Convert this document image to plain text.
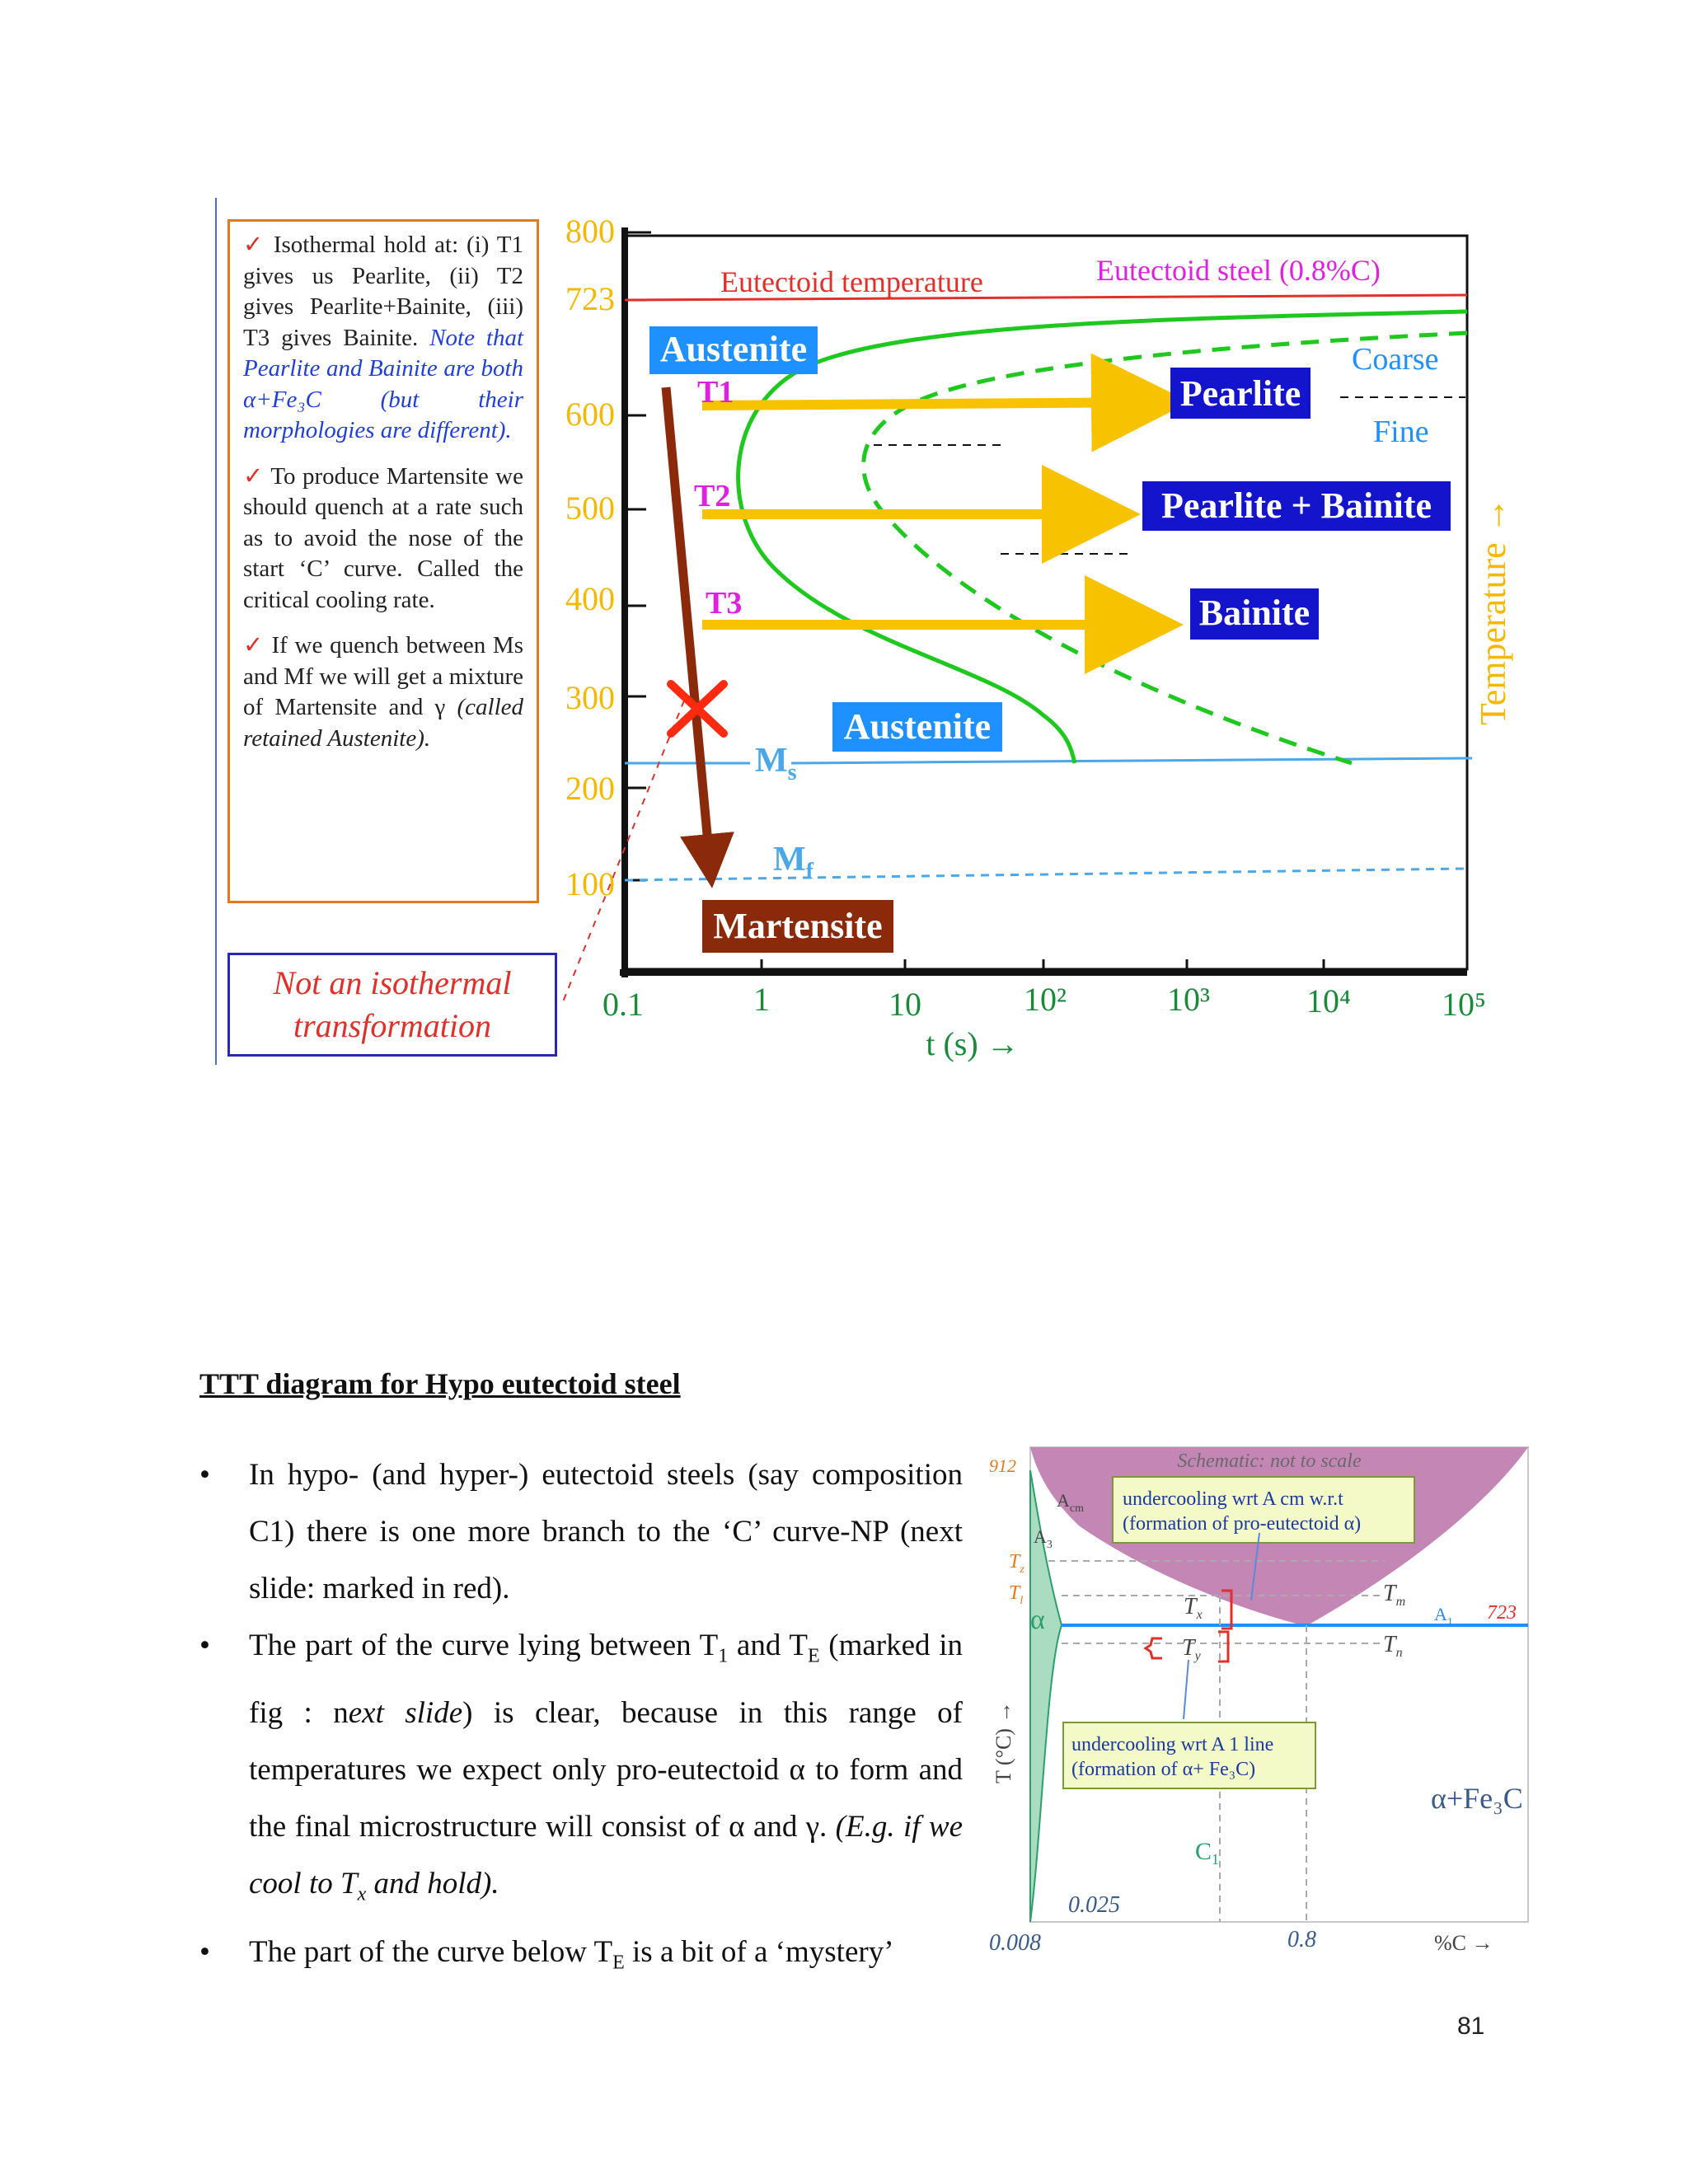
✓ Isothermal hold at: (i) T1 gives us Pearlite, (ii) T2 gives Pearlite+Bainite, (iii) T3 gives Bainite. Note that Pearlite and Bainite are both α+Fe₃C (but their morphologies are different).

✓ To produce Martensite we should quench at a rate such as to avoid the nose of the start ‘C’ curve. Called the critical cooling rate.

✓ If we quench between Ms and Mf we will get a mixture of Martensite and γ (called retained Austenite).

Not an isothermal
transformation
800
723
600
500
400
300
200
100
0.1	1	10	10²	10³	10⁴	10⁵
t (s) →
Temperature →
Eutectoid temperature	Eutectoid steel (0.8%C)
T1
T2
T3
Austenite
Pearlite
Pearlite + Bainite
Bainite
Coarse
Fine
Austenite
$M_s$
$M_f$
Martensite
TTT diagram for Hypo eutectoid steel
• In hypo- (and hyper-) eutectoid steels (say composition C1) there is one more branch to the ‘C’ curve-NP (next slide: marked in red).
• The part of the curve lying between $T_1$ and $T_E$ (marked in fig : next slide) is clear, because in this range of temperatures we expect only pro-eutectoid α to form and the final microstructure will consist of α and γ. (E.g. if we cool to $T_x$ and hold).
• The part of the curve below $T_E$ is a bit of a ‘mystery’
undercooling wrt A cm w.r.t
(formation of pro-eutectoid α)
undercooling wrt A 1 line
(formation of α+ Fe₃C)
Schematic: not to scale
912
$A_{cm}$
$A_3$
$T_z$
$T_l$
α	$T_x$
$T_y$
$T_m$
$T_n$
$A_1$ 723
T (°C) →
α+Fe₃C
$C_1$
0.025
0.008	0.8	%C →
81
